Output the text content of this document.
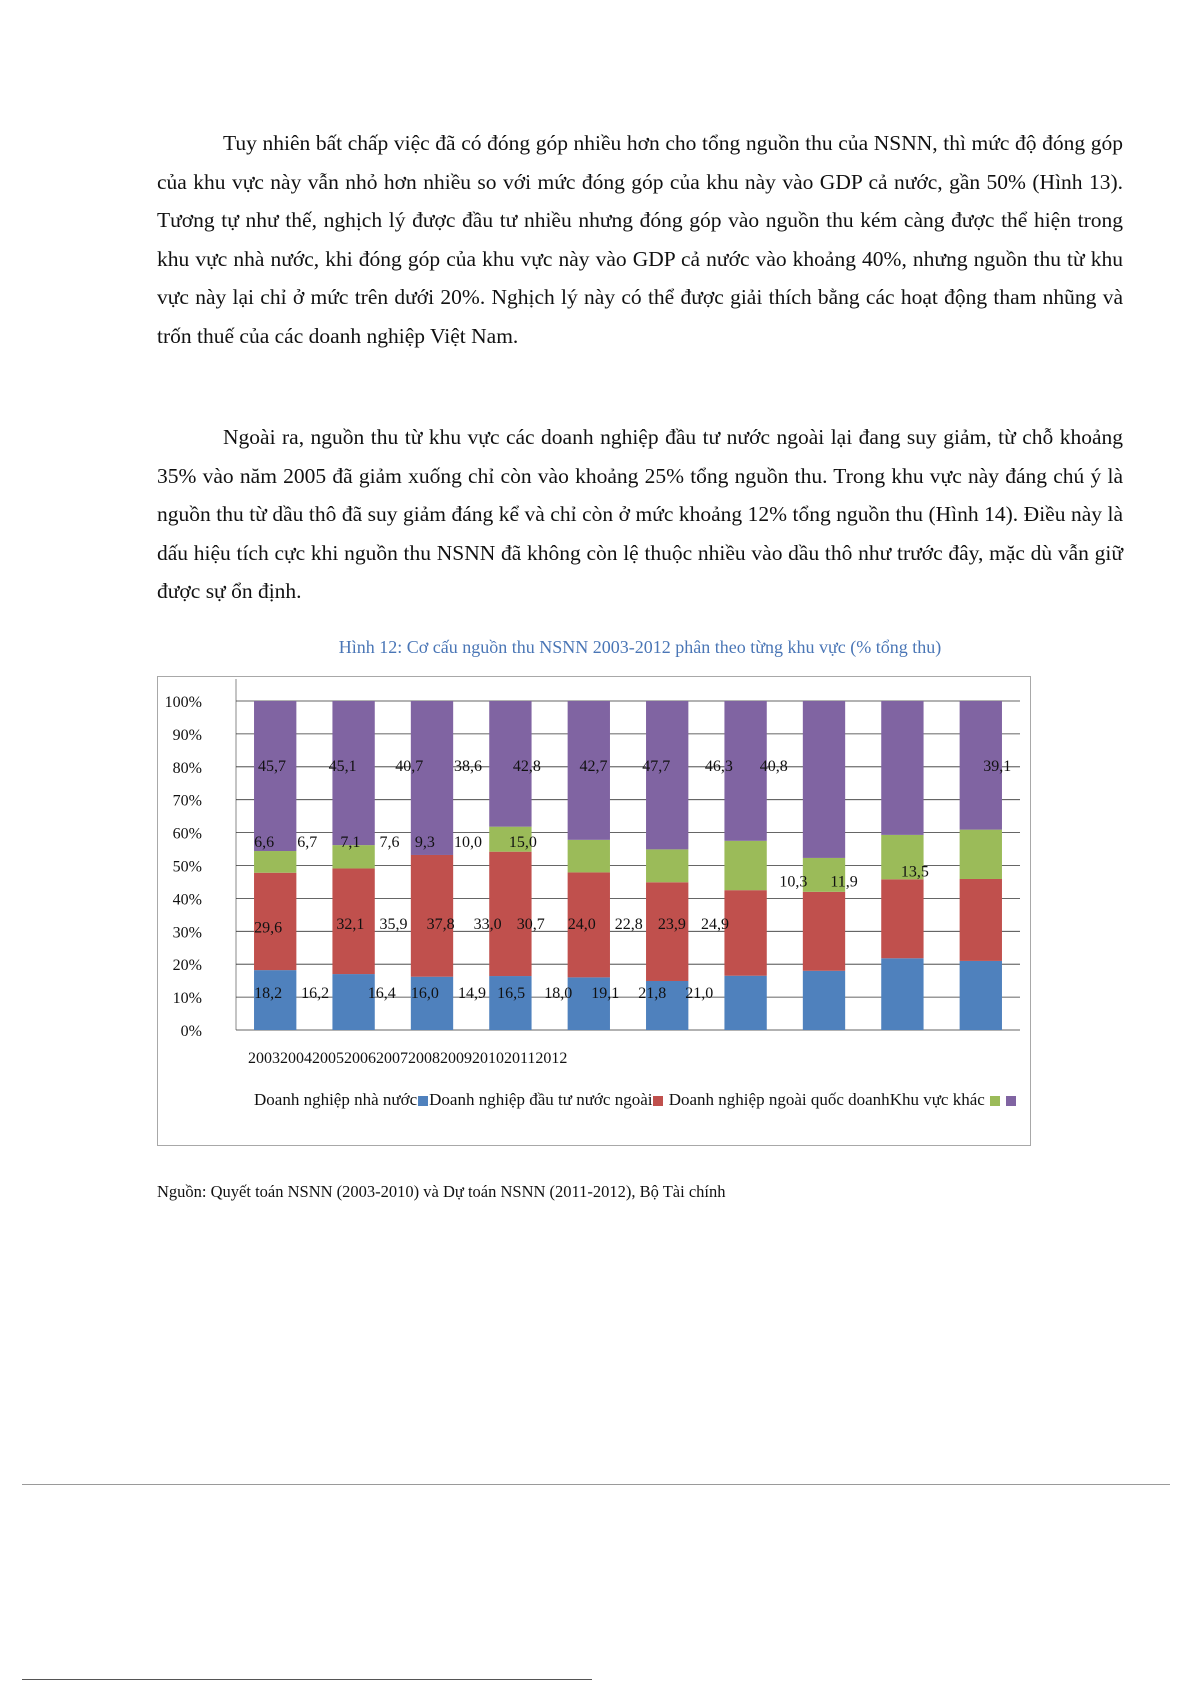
Tuy nhiên bất chấp việc đã có đóng góp nhiều hơn cho tổng nguồn thu của NSNN, thì mức độ đóng góp của khu vực này vẫn nhỏ hơn nhiều so với mức đóng góp của khu này vào GDP cả nước, gần 50% (Hình 13). Tương tự như thế, nghịch lý được đầu tư nhiều nhưng đóng góp vào nguồn thu kém càng được thể hiện trong khu vực nhà nước, khi đóng góp của khu vực này vào GDP cả nước vào khoảng 40%, nhưng nguồn thu từ khu vực này lại chỉ ở mức trên dưới 20%. Nghịch lý này có thể được giải thích bằng các hoạt động tham nhũng và trốn thuế của các doanh nghiệp Việt Nam.

Ngoài ra, nguồn thu từ khu vực các doanh nghiệp đầu tư nước ngoài lại đang suy giảm, từ chỗ khoảng 35% vào năm 2005 đã giảm xuống chỉ còn vào khoảng 25% tổng nguồn thu. Trong khu vực này đáng chú ý là nguồn thu từ dầu thô đã suy giảm đáng kể và chỉ còn ở mức khoảng 12% tổng nguồn thu (Hình 14). Điều này là dấu hiệu tích cực khi nguồn thu NSNN đã không còn lệ thuộc nhiều vào dầu thô như trước đây, mặc dù vẫn giữ được sự ổn định.

Hình 12: Cơ cấu nguồn thu NSNN 2003-2012 phân theo từng khu vực (% tổng thu)
0%
10%
20%
30%
40%
50%
60%
70%
80%
90%
100%
2003200420052006200720082009201020112012
45,7	45,1 40,7 38,6 42,8 42,7 47,7 46,3 40,8	39,1
6,6 6,7 7,1 7,6 9,3 10,0 15,0
10,3 11,9
13,5
29,6	32,1 35,9 37,8 33,0 30,7 24,0 22,8 23,9 24,9
18,2 16,2 16,4 16,0 14,9 16,5 18,0 19,1 21,8 21,0
Doanh nghiệp nhà nước Doanh nghiệp đầu tư nước ngoài Doanh nghiệp ngoài quốc doanhKhu vực khác
Nguồn: Quyết toán NSNN (2003-2010) và Dự toán NSNN (2011-2012), Bộ Tài chính
